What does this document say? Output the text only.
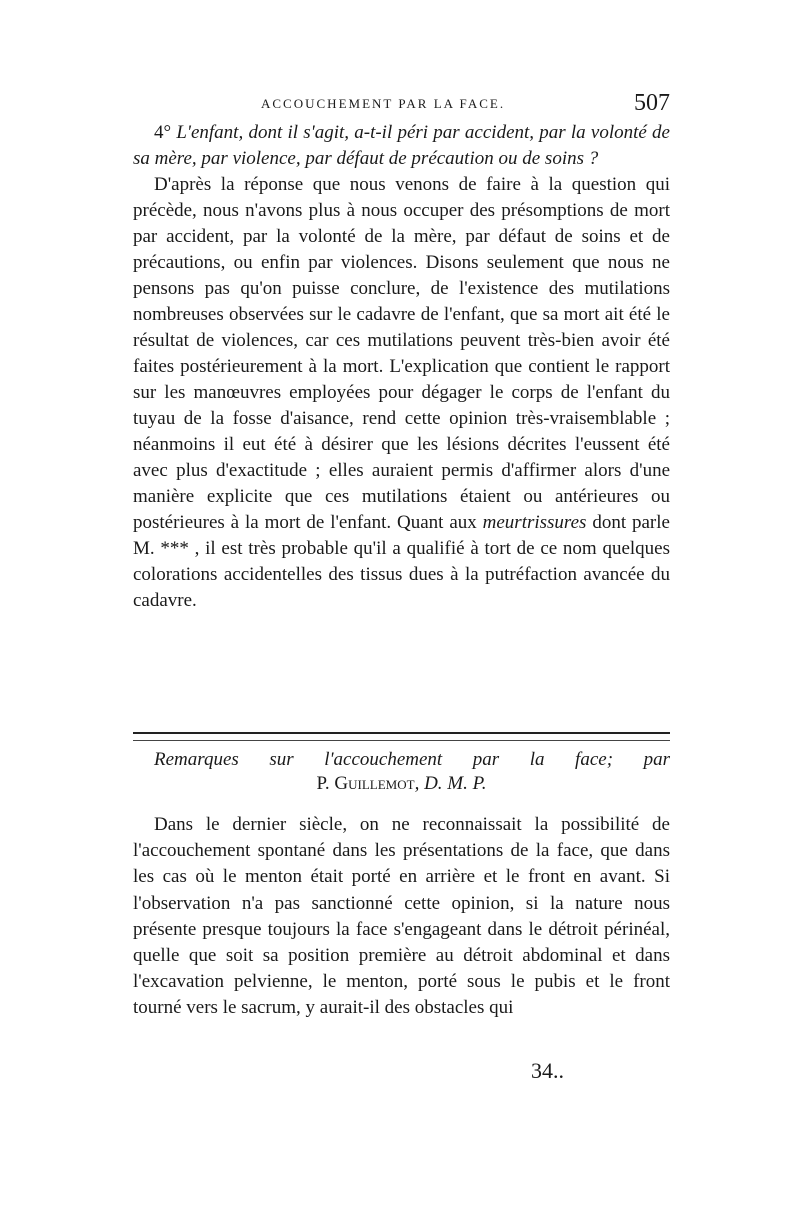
ACCOUCHEMENT PAR LA FACE.	507

4° L'enfant, dont il s'agit, a-t-il péri par accident, par la volonté de sa mère, par violence, par défaut de précaution ou de soins ?

D'après la réponse que nous venons de faire à la question qui précède, nous n'avons plus à nous occuper des présomptions de mort par accident, par la volonté de la mère, par défaut de soins et de précautions, ou enfin par violences. Disons seulement que nous ne pensons pas qu'on puisse conclure, de l'existence des mutilations nombreuses observées sur le cadavre de l'enfant, que sa mort ait été le résultat de violences, car ces mutilations peuvent très-bien avoir été faites postérieurement à la mort. L'explication que contient le rapport sur les manœuvres employées pour dégager le corps de l'enfant du tuyau de la fosse d'aisance, rend cette opinion très-vraisemblable ; néanmoins il eut été à désirer que les lésions décrites l'eussent été avec plus d'exactitude ; elles auraient permis d'affirmer alors d'une manière explicite que ces mutilations étaient ou antérieures ou postérieures à la mort de l'enfant. Quant aux meurtrissures dont parle M. *** , il est très probable qu'il a qualifié à tort de ce nom quelques colorations accidentelles des tissus dues à la putréfaction avancée du cadavre.

Remarques sur l'accouchement par la face; par
P. Guillemot, D. M. P.

Dans le dernier siècle, on ne reconnaissait la possibilité de l'accouchement spontané dans les présentations de la face, que dans les cas où le menton était porté en arrière et le front en avant. Si l'observation n'a pas sanctionné cette opinion, si la nature nous présente presque toujours la face s'engageant dans le détroit périnéal, quelle que soit sa position première au détroit abdominal et dans l'excavation pelvienne, le menton, porté sous le pubis et le front tourné vers le sacrum, y aurait-il des obstacles qui

34..
